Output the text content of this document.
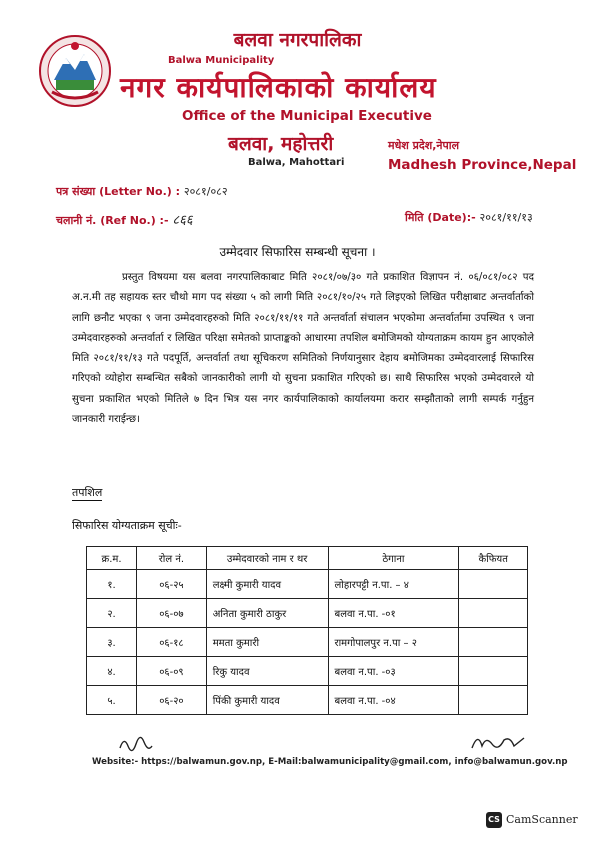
बलवा नगरपालिका
Balwa Municipality
नगर कार्यपालिकाको कार्यालय
Office of the Municipal Executive
बलवा, महोत्तरी
Balwa, Mahottari
मधेश प्रदेश,नेपाल
Madhesh Province,Nepal
पत्र संख्या (Letter No.) : २०८१/०८२
चलानी नं. (Ref No.) :- ८६६	मिति (Date):- २०८१/११/१३
उम्मेदवार सिफारिस सम्बन्धी सूचना ।

प्रस्तुत विषयमा यस बलवा नगरपालिकाबाट मिति २०८१/०७/३० गते प्रकाशित विज्ञापन नं. ०६/०८१/०८२ पद अ.न.मी तह सहायक स्तर चौथो माग पद संख्या ५ को लागी मिति २०८१/१०/२५ गते लिइएको लिखित परीक्षाबाट अन्तर्वार्ताको लागि छनौट भएका ९ जना उम्मेदवारहरुको मिति २०८१/११/११ गते अन्तर्वार्ता संचालन भएकोमा अन्तर्वार्तामा उपस्थित ९ जना उम्मेदवारहरुको अन्तर्वार्ता र लिखित परिक्षा समेतको प्राप्ताङ्कको आधारमा तपशिल बमोजिमको योग्यताक्रम कायम हुन आएकोले मिति २०८१/११/१३ गते पदपूर्ति, अन्तर्वार्ता तथा सूचिकरण समितिको निर्णयानुसार देहाय बमोजिमका उम्मेदवारलाई सिफारिस गरिएको व्योहोरा सम्बन्धित सबैको जानकारीको लागी यो सुचना प्रकाशित गरिएको छ। साथै सिफारिस भएको उम्मेदवारले यो सुचना प्रकाशित भएको मितिले ७ दिन भित्र यस नगर कार्यपालिकाको कार्यालयमा करार सम्झौताको लागी सम्पर्क गर्नुहुन जानकारी गराईन्छ।

तपशिल
सिफारिस योग्यताक्रम सूचीः-
क्र.म.	रोल नं.	उम्मेदवारको नाम र थर	ठेगाना	कैफियत
१.	०६-२५	लक्ष्मी कुमारी यादव	लोहारपट्टी न.पा. – ४	
२.	०६-०७	अनिता कुमारी ठाकुर	बलवा न.पा. -०१	
३.	०६-१८	ममता कुमारी	रामगोपालपुर न.पा – २	
४.	०६-०९	रिकु यादव	बलवा न.पा. -०३	
५.	०६-२०	पिंकी कुमारी यादव	बलवा न.पा. -०४	
Website:- https://balwamun.gov.np, E-Mail:balwamunicipality@gmail.com, info@balwamun.gov.np
CS CamScanner
